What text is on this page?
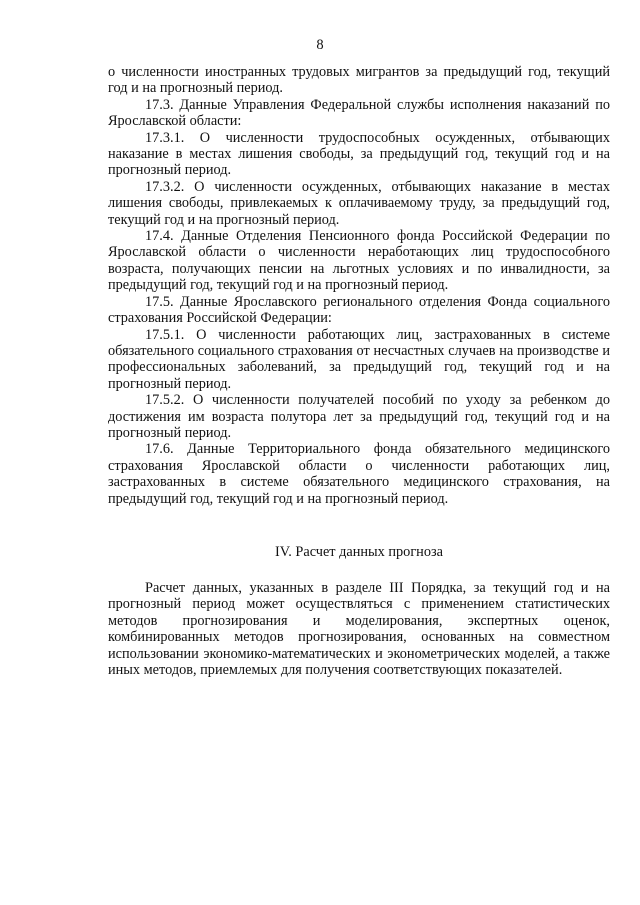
8

о численности иностранных трудовых мигрантов за предыдущий год, текущий год и на прогнозный период.

17.3. Данные Управления Федеральной службы исполнения наказаний по Ярославской области:

17.3.1. О численности трудоспособных осужденных, отбывающих наказание в местах лишения свободы, за предыдущий год, текущий год и на прогнозный период.

17.3.2. О численности осужденных, отбывающих наказание в местах лишения свободы, привлекаемых к оплачиваемому труду, за предыдущий год, текущий год и на прогнозный период.

17.4. Данные Отделения Пенсионного фонда Российской Федерации по Ярославской области о численности неработающих лиц трудоспособного возраста, получающих пенсии на льготных условиях и по инвалидности, за предыдущий год, текущий год и на прогнозный период.

17.5. Данные Ярославского регионального отделения Фонда социального страхования Российской Федерации:

17.5.1. О численности работающих лиц, застрахованных в системе обязательного социального страхования от несчастных случаев на производстве и профессиональных заболеваний, за предыдущий год, текущий год и на прогнозный период.

17.5.2. О численности получателей пособий по уходу за ребенком до достижения им возраста полутора лет за предыдущий год, текущий год и на прогнозный период.

17.6. Данные Территориального фонда обязательного медицинского страхования Ярославской области о численности работающих лиц, застрахованных в системе обязательного медицинского страхования, на предыдущий год, текущий год и на прогнозный период.

IV. Расчет данных прогноза

Расчет данных, указанных в разделе III Порядка, за текущий год и на прогнозный период может осуществляться с применением статистических методов прогнозирования и моделирования, экспертных оценок, комбинированных методов прогнозирования, основанных на совместном использовании экономико-математических и эконометрических моделей, а также иных методов, приемлемых для получения соответствующих показателей.
